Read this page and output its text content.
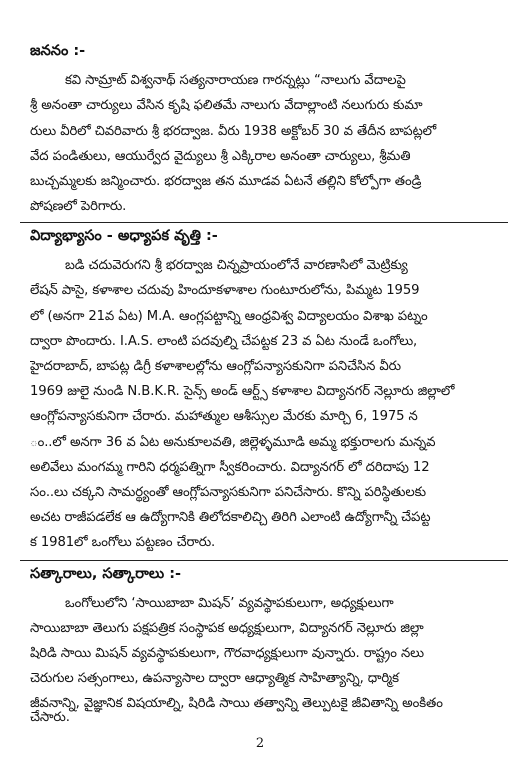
జననం :-
కవి సామ్రాట్ విశ్వనాథ్ సత్యనారాయణ గారన్నట్లు “నాలుగు వేదాలపై
శ్రీ అనంతా చార్యులు వేసిన కృషి ఫలితమే నాలుగు వేదాల్లాంటి నలుగురు కుమా
రులు వీరిలో చివరివారు శ్రీ భరద్వాజ. వీరు 1938 అక్టోబర్ 30 వ తేదీన బాపట్లలో
వేద పండితులు, ఆయుర్వేద వైద్యులు శ్రీ ఎక్కిరాల అనంతా చార్యులు, శ్రీమతి
బుచ్చమ్మలకు జన్మించారు. భరద్వాజ తన మూడవ ఏటనే తల్లిని కోల్పోగా తండ్రి
పోషణలో పెరిగారు.
విద్యాభ్యాసం - అధ్యాపక వృత్తి :-
బడి చదువెరుగని శ్రీ భరద్వాజ చిన్నప్రాయంలోనే వారణాసిలో మెట్రిక్యు
లేషన్ పాసై, కళాశాల చదువు హిందూకళాశాల గుంటూరులోను, పిమ్మట 1959
లో (అనగా 21వ ఏట) M.A. ఆంగ్లపట్టాన్ని ఆంధ్రవిశ్వ విద్యాలయం విశాఖ పట్నం
ద్వారా పొందారు. I.A.S. లాంటి పదవుల్ని చేపట్టక 23 వ ఏట నుండే ఒంగోలు,
హైదరాబాద్, బాపట్ల డిగ్రీ కళాశాలల్లోను ఆంగ్లోపన్యాసకునిగా పనిచేసిన వీరు
1969 జులై నుండి N.B.K.R. సైన్స్ అండ్ ఆర్ట్స్ కళాశాల విద్యానగర్ నెల్లూరు జిల్లాలో
ఆంగ్లోపన్యాసకునిగా చేరారు. మహాత్ముల ఆశీస్సుల మేరకు మార్చి 6, 1975 న
ం..లో అనగా 36 వ ఏట అనుకూలవతి, జిల్లెళ్ళమూడి అమ్మ భక్తురాలగు మన్నవ
అలివేలు మంగమ్మ గారిని ధర్మపత్నిగా స్వీకరించారు. విద్యానగర్ లో దరిదాపు 12
సం..లు చక్కని సామర్థ్యంతో ఆంగ్లోపన్యాసకునిగా పనిచేసారు. కొన్ని పరిస్థితులకు
అచట రాజీపడలేక ఆ ఉద్యోగానికి తిలోదకాలిచ్చి తిరిగి ఎలాంటి ఉద్యోగాన్నీ చేపట్ట
క 1981లో ఒంగోలు పట్టణం చేరారు.
సత్కారాలు, సత్కారాలు :-
ఒంగోలులోని ‘సాయిబాబా మిషన్’ వ్యవస్థాపకులుగా, అధ్యక్షులుగా
సాయిబాబా తెలుగు పక్షపత్రిక సంస్థాపక అధ్యక్షులుగా, విద్యానగర్ నెల్లూరు జిల్లా
షిరిడి సాయి మిషన్ వ్యవస్థాపకులుగా, గౌరవాధ్యక్షులుగా వున్నారు. రాష్ట్రం నలు
చెరుగుల సత్సంగాలు, ఉపన్యాసాల ద్వారా ఆధ్యాత్మిక సాహిత్యాన్ని, ధార్మిక
జీవనాన్ని, వైజ్ఞానిక విషయాల్ని, షిరిడి సాయి తత్వాన్ని తెల్పుటకై జీవితాన్ని అంకితం
2
చేసారు.
